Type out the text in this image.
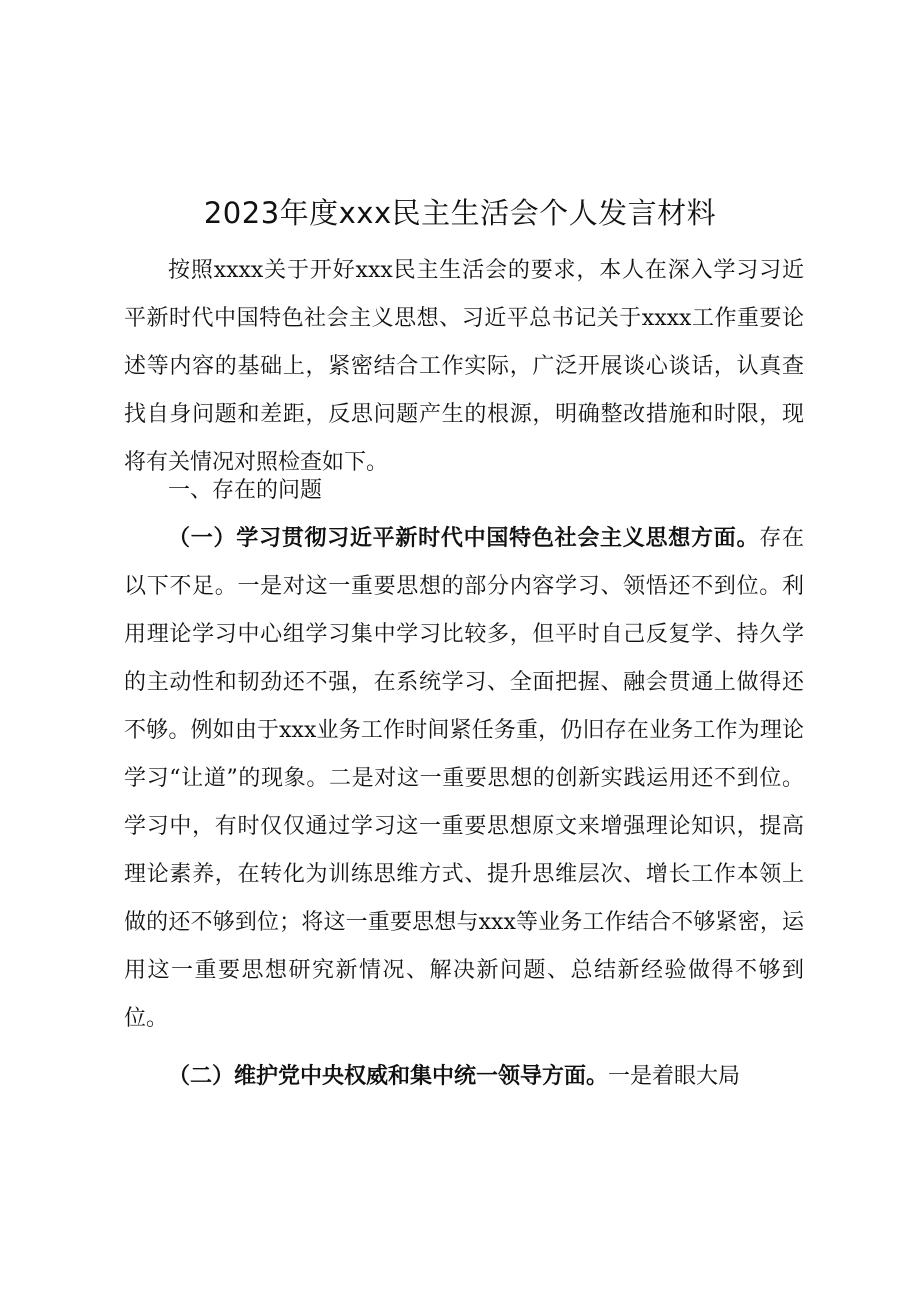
2023年度xxx民主生活会个人发言材料
按照xxxx关于开好xxx民主生活会的要求，本人在深入学习习近平新时代中国特色社会主义思想、习近平总书记关于xxxx工作重要论述等内容的基础上，紧密结合工作实际，广泛开展谈心谈话，认真查找自身问题和差距，反思问题产生的根源，明确整改措施和时限，现将有关情况对照检查如下。
一、存在的问题
（一）学习贯彻习近平新时代中国特色社会主义思想方面。存在以下不足。一是对这一重要思想的部分内容学习、领悟还不到位。利用理论学习中心组学习集中学习比较多，但平时自己反复学、持久学的主动性和韧劲还不强，在系统学习、全面把握、融会贯通上做得还不够。例如由于xxx业务工作时间紧任务重，仍旧存在业务工作为理论学习“让道”的现象。二是对这一重要思想的创新实践运用还不到位。学习中，有时仅仅通过学习这一重要思想原文来增强理论知识，提高理论素养，在转化为训练思维方式、提升思维层次、增长工作本领上做的还不够到位；将这一重要思想与xxx等业务工作结合不够紧密，运用这一重要思想研究新情况、解决新问题、总结新经验做得不够到位。
（二）维护党中央权威和集中统一领导方面。一是着眼大局
